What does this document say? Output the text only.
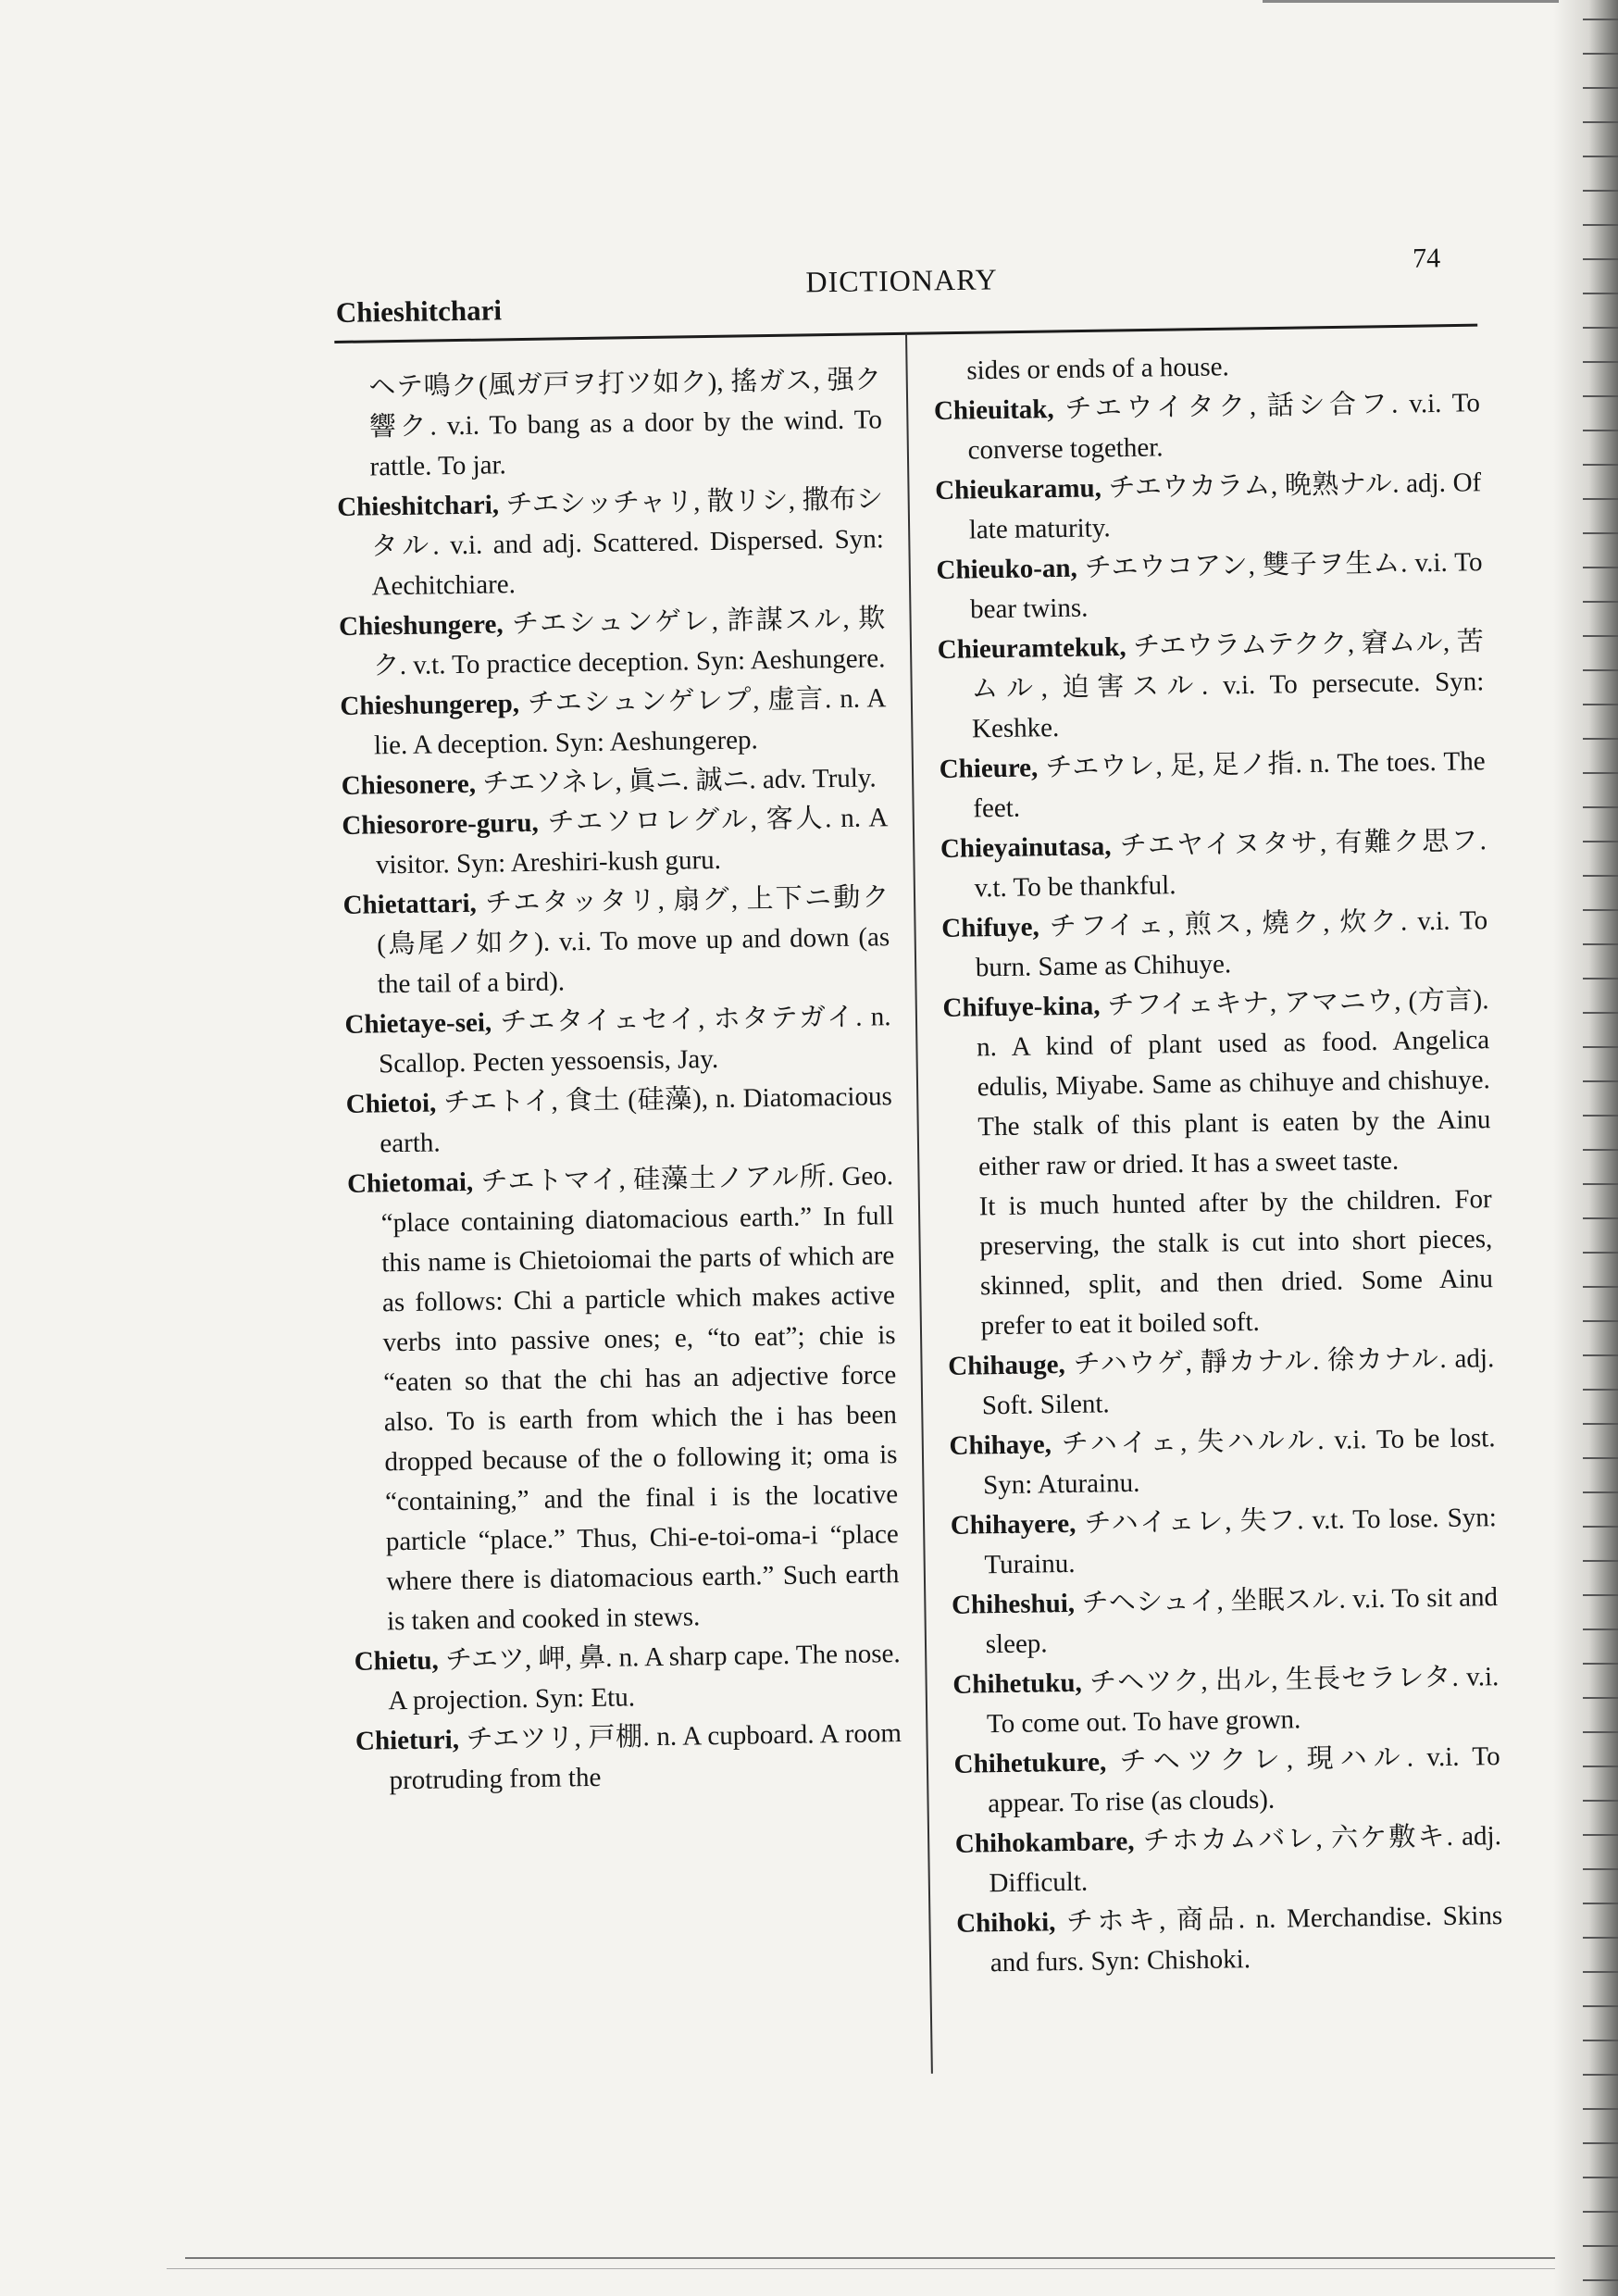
Chieshitchari
DICTIONARY
74

ヘテ鳴ク(風ガ戸ヲ打ツ如ク), 搖ガス, 强ク響ク. v.i. To bang as a door by the wind. To rattle. To jar.

Chieshitchari, チエシッチャリ, 散リシ, 撒布シタル. v.i. and adj. Scattered. Dispersed. Syn: Aechitchiare.

Chieshungere, チエシュンゲレ, 詐謀スル, 欺ク. v.t. To practice deception. Syn: Aeshungere.

Chieshungerep, チエシュンゲレプ, 虚言. n. A lie. A deception. Syn: Aeshungerep.

Chiesonere, チエソネレ, 眞ニ. 誠ニ. adv. Truly.

Chiesorore-guru, チエソロレグル, 客人. n. A visitor. Syn: Areshiri-kush guru.

Chietattari, チエタッタリ, 扇グ, 上下ニ動ク (鳥尾ノ如ク). v.i. To move up and down (as the tail of a bird).

Chietaye-sei, チエタイェセイ, ホタテガイ. n. Scallop. Pecten yessoensis, Jay.

Chietoi, チエトイ, 食土 (硅藻), n. Diatomacious earth.

Chietomai, チエトマイ, 硅藻土ノアル所. Geo. “place containing diatomacious earth.” In full this name is Chietoiomai the parts of which are as follows: Chi a particle which makes active verbs into passive ones; e, “to eat”; chie is “eaten so that the chi has an adjective force also. To is earth from which the i has been dropped because of the o following it; oma is “containing,” and the final i is the locative particle “place.” Thus, Chi-e-toi-oma-i “place where there is diatomacious earth.” Such earth is taken and cooked in stews.

Chietu, チエツ, 岬, 鼻. n. A sharp cape. The nose. A projection. Syn: Etu.

Chieturi, チエツリ, 戸棚. n. A cupboard. A room protruding from the

sides or ends of a house.

Chieuitak, チエウイタク, 話シ合フ. v.i. To converse together.

Chieukaramu, チエウカラム, 晩熟ナル. adj. Of late maturity.

Chieuko-an, チエウコアン, 雙子ヲ生ム. v.i. To bear twins.

Chieuramtekuk, チエウラムテクク, 窘ムル, 苦ムル, 迫害スル. v.i. To persecute. Syn: Keshke.

Chieure, チエウレ, 足, 足ノ指. n. The toes. The feet.

Chieyainutasa, チエヤイヌタサ, 有難ク思フ. v.t. To be thankful.

Chifuye, チフイェ, 煎ス, 燒ク, 炊ク. v.i. To burn. Same as Chihuye.

Chifuye-kina, チフイェキナ, アマニウ, (方言). n. A kind of plant used as food. Angelica edulis, Miyabe. Same as chihuye and chishuye. The stalk of this plant is eaten by the Ainu either raw or dried. It has a sweet taste.

It is much hunted after by the children. For preserving, the stalk is cut into short pieces, skinned, split, and then dried. Some Ainu prefer to eat it boiled soft.

Chihauge, チハウゲ, 靜カナル. 徐カナル. adj. Soft. Silent.

Chihaye, チハイェ, 失ハルル. v.i. To be lost. Syn: Aturainu.

Chihayere, チハイェレ, 失フ. v.t. To lose. Syn: Turainu.

Chiheshui, チヘシュイ, 坐眠スル. v.i. To sit and sleep.

Chihetuku, チヘツク, 出ル, 生長セラレタ. v.i. To come out. To have grown.

Chihetukure, チヘツクレ, 現ハル. v.i. To appear. To rise (as clouds).

Chihokambare, チホカムバレ, 六ケ敷キ. adj. Difficult.

Chihoki, チホキ, 商品. n. Merchandise. Skins and furs. Syn: Chishoki.
